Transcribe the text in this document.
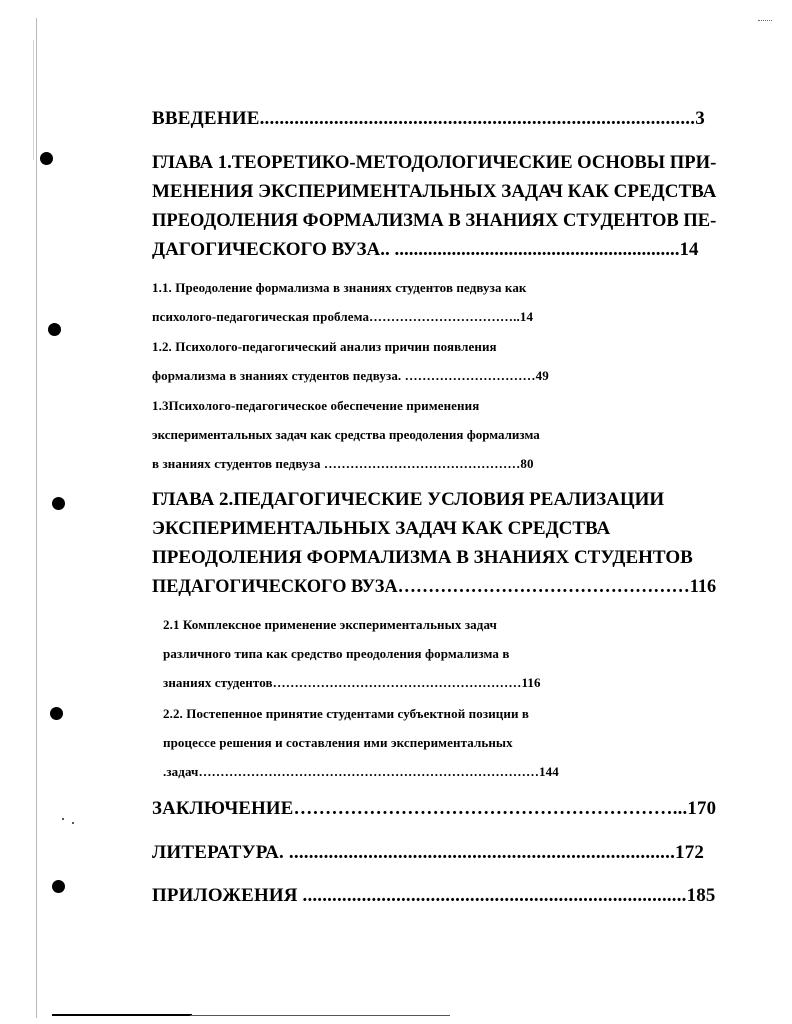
ВВЕДЕНИЕ........................................................................................3
ГЛАВА 1.ТЕОРЕТИКО-МЕТОДОЛОГИЧЕСКИЕ ОСНОВЫ ПРИ-
МЕНЕНИЯ ЭКСПЕРИМЕНТАЛЬНЫХ ЗАДАЧ КАК СРЕДСТВА
ПРЕОДОЛЕНИЯ ФОРМАЛИЗМА В ЗНАНИЯХ СТУДЕНТОВ ПЕ-
ДАГОГИЧЕСКОГО ВУЗА.. ............................................................14
1.1. Преодоление формализма в знаниях студентов педвуза как
психолого-педагогическая проблема……………………………..14
1.2. Психолого-педагогический анализ причин появления
формализма в знаниях студентов педвуза. …………………………49
1.3Психолого-педагогическое обеспечение применения
экспериментальных задач как средства преодоления формализма
в знаниях студентов педвуза ………………………………………80
ГЛАВА 2.ПЕДАГОГИЧЕСКИЕ УСЛОВИЯ РЕАЛИЗАЦИИ
ЭКСПЕРИМЕНТАЛЬНЫХ ЗАДАЧ КАК СРЕДСТВА
ПРЕОДОЛЕНИЯ ФОРМАЛИЗМА В ЗНАНИЯХ СТУДЕНТОВ
ПЕДАГОГИЧЕСКОГО ВУЗА…………………………………………116
2.1 Комплексное применение экспериментальных задач
различного типа как средство преодоления формализма в
знаниях студентов…………………………………………………116
2.2. Постепенное принятие студентами субъектной позиции в
процессе решения и составления ими экспериментальных
.задач……………………………………………………………………144
ЗАКЛЮЧЕНИЕ……………………………………………………...170
ЛИТЕРАТУРА. ..............................................................................172
ПРИЛОЖЕНИЯ ..............................................................................185
